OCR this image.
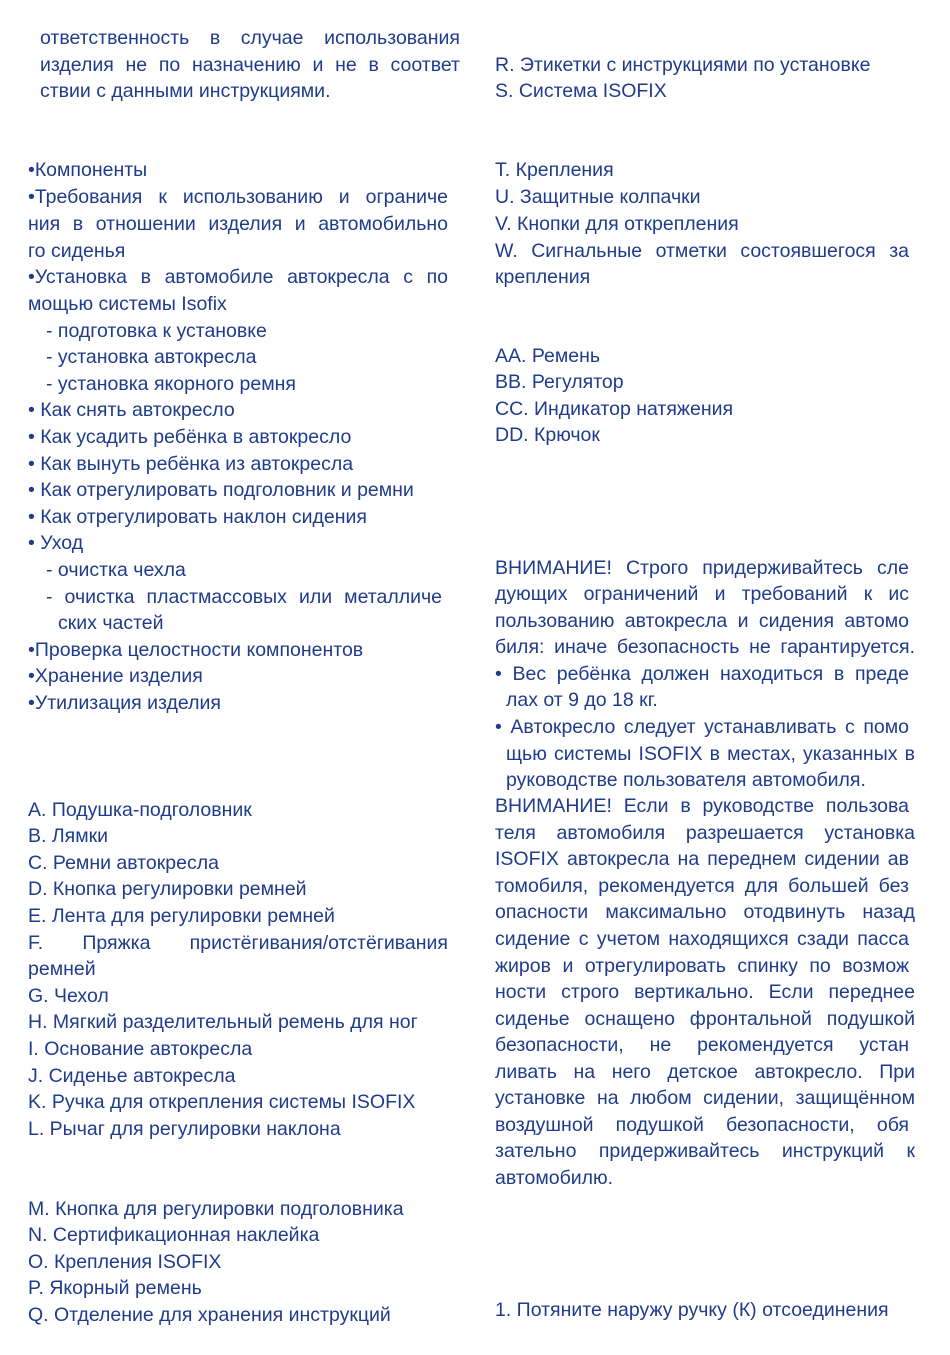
ответственность в случае использования
изделия не по назначению и не в соответ
ствии с данными инструкциями.
•Компоненты
•Требования к использованию и ограниче
ния в отношении изделия и автомобильно
го сиденья
•Установка в автомобиле автокресла с по
мощью системы Isofix
- подготовка к установке
- установка автокресла
- установка якорного ремня
• Как снять автокресло
• Как усадить ребёнка в автокресло
• Как вынуть ребёнка из автокресла
• Как отрегулировать подголовник и ремни
• Как отрегулировать наклон сидения
• Уход
- очистка чехла
- очистка пластмассовых или металличе
ских частей
•Проверка целостности компонентов
•Хранение изделия
•Утилизация изделия
A. Подушка-подголовник
B. Лямки
C. Ремни автокресла
D. Кнопка регулировки ремней
E. Лента для регулировки ремней
F. Пряжка пристёгивания/отстёгивания
ремней
G. Чехол
H. Мягкий разделительный ремень для ног
I. Основание автокресла
J. Сиденье автокресла
K. Ручка для открепления системы ISOFIX
L. Рычаг для регулировки наклона
M. Кнопка для регулировки подголовника
N. Сертификационная наклейка
O. Крепления ISOFIX
P. Якорный ремень
Q. Отделение для хранения инструкций
R. Этикетки с инструкциями по установке
S. Система ISOFIX
T. Крепления
U. Защитные колпачки
V. Кнопки для открепления
W. Сигнальные отметки состоявшегося за
крепления
AA. Ремень
BB. Регулятор
CC. Индикатор натяжения
DD. Крючок
ВНИМАНИЕ! Строго придерживайтесь сле
дующих ограничений и требований к ис
пользованию автокресла и сидения автомо
биля: иначе безопасность не гарантируется.
• Вес ребёнка должен находиться в преде
лах от 9 до 18 кг.
• Автокресло следует устанавливать с помо
щью системы ISOFIX в местах, указанных в
руководстве пользователя автомобиля.
ВНИМАНИЕ! Если в руководстве пользова
теля автомобиля разрешается установка
ISOFIX автокресла на переднем сидении ав
томобиля, рекомендуется для большей без
опасности максимально отодвинуть назад
сидение с учетом находящихся сзади пасса
жиров и отрегулировать спинку по возмож
ности строго вертикально. Если переднее
сиденье оснащено фронтальной подушкой
безопасности, не рекомендуется устан
ливать на него детское автокресло. При
установке на любом сидении, защищённом
воздушной подушкой безопасности, обя
зательно придерживайтесь инструкций к
автомобилю.
1. Потяните наружу ручку (К) отсоединения
